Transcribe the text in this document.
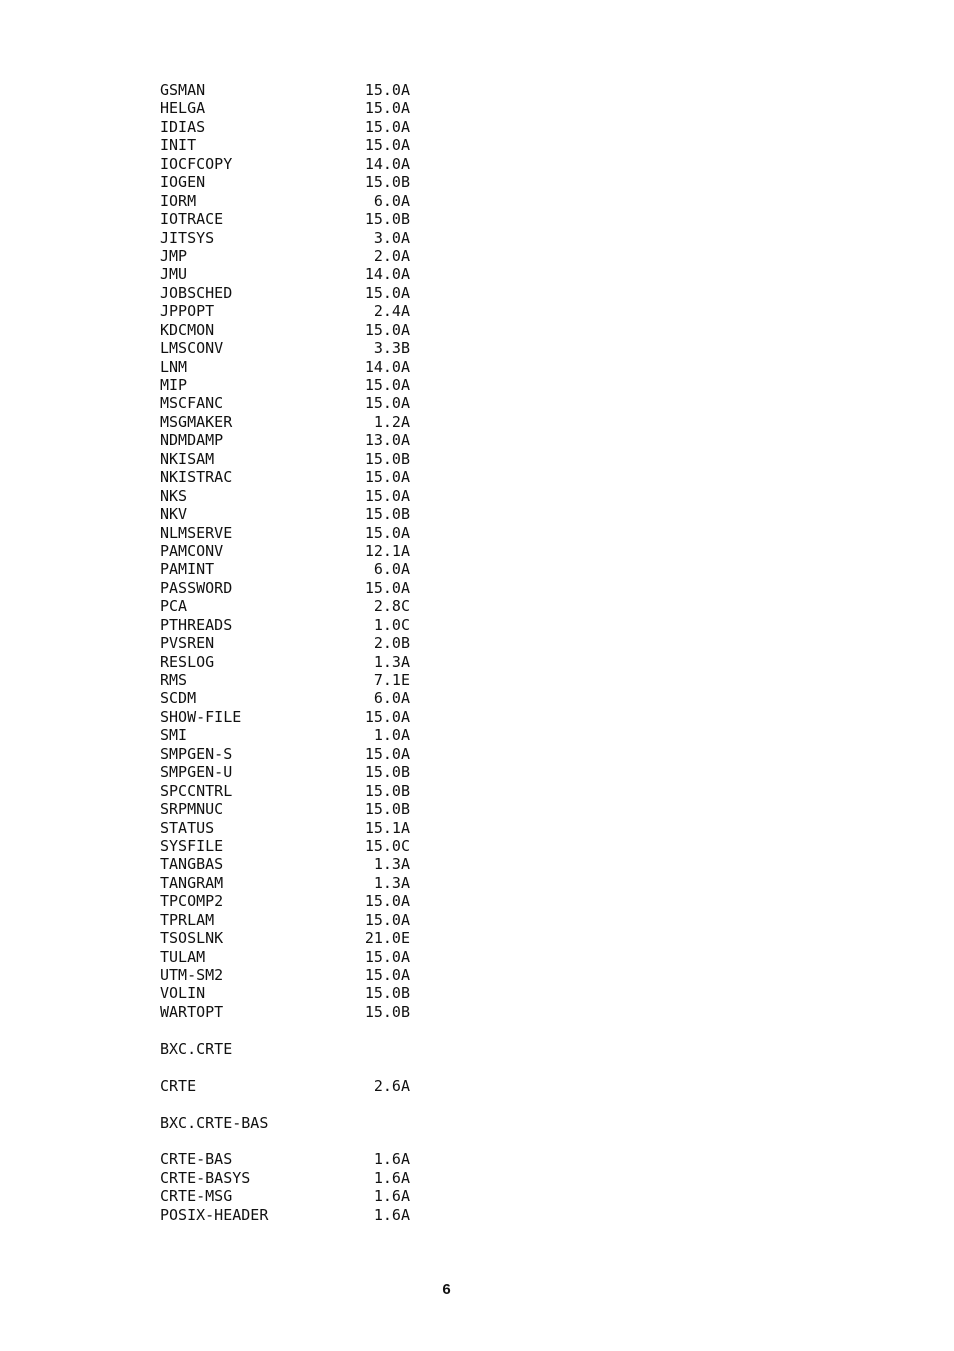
GSMAN	15.0A
HELGA	15.0A
IDIAS	15.0A
INIT	15.0A
IOCFCOPY	14.0A
IOGEN	15.0B
IORM	6.0A
IOTRACE	15.0B
JITSYS	3.0A
JMP	2.0A
JMU	14.0A
JOBSCHED	15.0A
JPPOPT	2.4A
KDCMON	15.0A
LMSCONV	3.3B
LNM	14.0A
MIP	15.0A
MSCFANC	15.0A
MSGMAKER	1.2A
NDMDAMP	13.0A
NKISAM	15.0B
NKISTRAC	15.0A
NKS	15.0A
NKV	15.0B
NLMSERVE	15.0A
PAMCONV	12.1A
PAMINT	6.0A
PASSWORD	15.0A
PCA	2.8C
PTHREADS	1.0C
PVSREN	2.0B
RESLOG	1.3A
RMS	7.1E
SCDM	6.0A
SHOW-FILE	15.0A
SMI	1.0A
SMPGEN-S	15.0A
SMPGEN-U	15.0B
SPCCNTRL	15.0B
SRPMNUC	15.0B
STATUS	15.1A
SYSFILE	15.0C
TANGBAS	1.3A
TANGRAM	1.3A
TPCOMP2	15.0A
TPRLAM	15.0A
TSOSLNK	21.0E
TULAM	15.0A
UTM-SM2	15.0A
VOLIN	15.0B
WARTOPT	15.0B
BXC.CRTE
CRTE	2.6A
BXC.CRTE-BAS
CRTE-BAS	1.6A
CRTE-BASYS	1.6A
CRTE-MSG	1.6A
POSIX-HEADER	1.6A
6
